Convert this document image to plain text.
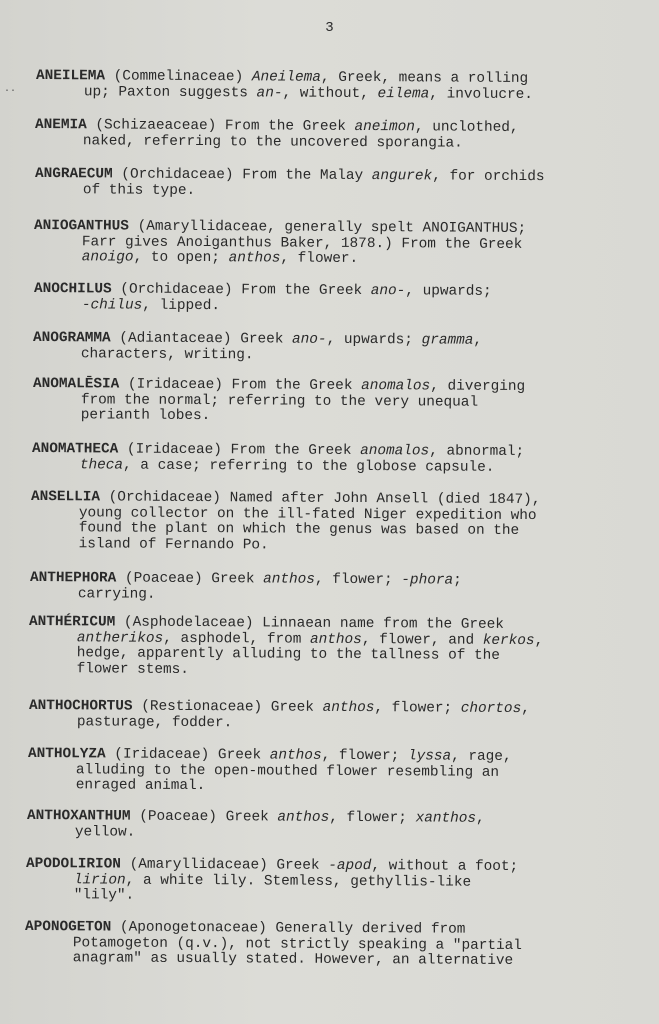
3
..
ANEILEMA (Commelinaceae) Aneilema, Greek, means a rolling
up; Paxton suggests an-, without, eilema, involucre.
ANEMIA (Schizaeaceae) From the Greek aneimon, unclothed,
naked, referring to the uncovered sporangia.
ANGRAECUM (Orchidaceae) From the Malay angurek, for orchids
of this type.
ANIOGANTHUS (Amaryllidaceae, generally spelt ANOIGANTHUS;
Farr gives Anoiganthus Baker, 1878.) From the Greek
anoigo, to open; anthos, flower.
ANOCHILUS (Orchidaceae) From the Greek ano-, upwards;
-chilus, lipped.
ANOGRAMMA (Adiantaceae) Greek ano-, upwards; gramma,
characters, writing.
ANOMALĒSIA (Iridaceae) From the Greek anomalos, diverging
from the normal; referring to the very unequal
perianth lobes.
ANOMATHECA (Iridaceae) From the Greek anomalos, abnormal;
theca, a case; referring to the globose capsule.
ANSELLIA (Orchidaceae) Named after John Ansell (died 1847),
young collector on the ill-fated Niger expedition who
found the plant on which the genus was based on the
island of Fernando Po.
ANTHEPHORA (Poaceae) Greek anthos, flower; -phora;
carrying.
ANTHÉRICUM (Asphodelaceae) Linnaean name from the Greek
antherikos, asphodel, from anthos, flower, and kerkos,
hedge, apparently alluding to the tallness of the
flower stems.
ANTHOCHORTUS (Restionaceae) Greek anthos, flower; chortos,
pasturage, fodder.
ANTHOLYZA (Iridaceae) Greek anthos, flower; lyssa, rage,
alluding to the open-mouthed flower resembling an
enraged animal.
ANTHOXANTHUM (Poaceae) Greek anthos, flower; xanthos,
yellow.
APODOLIRION (Amaryllidaceae) Greek -apod, without a foot;
lirion, a white lily. Stemless, gethyllis-like
"lily".
APONOGETON (Aponogetonaceae) Generally derived from
Potamogeton (q.v.), not strictly speaking a "partial
anagram" as usually stated. However, an alternative
